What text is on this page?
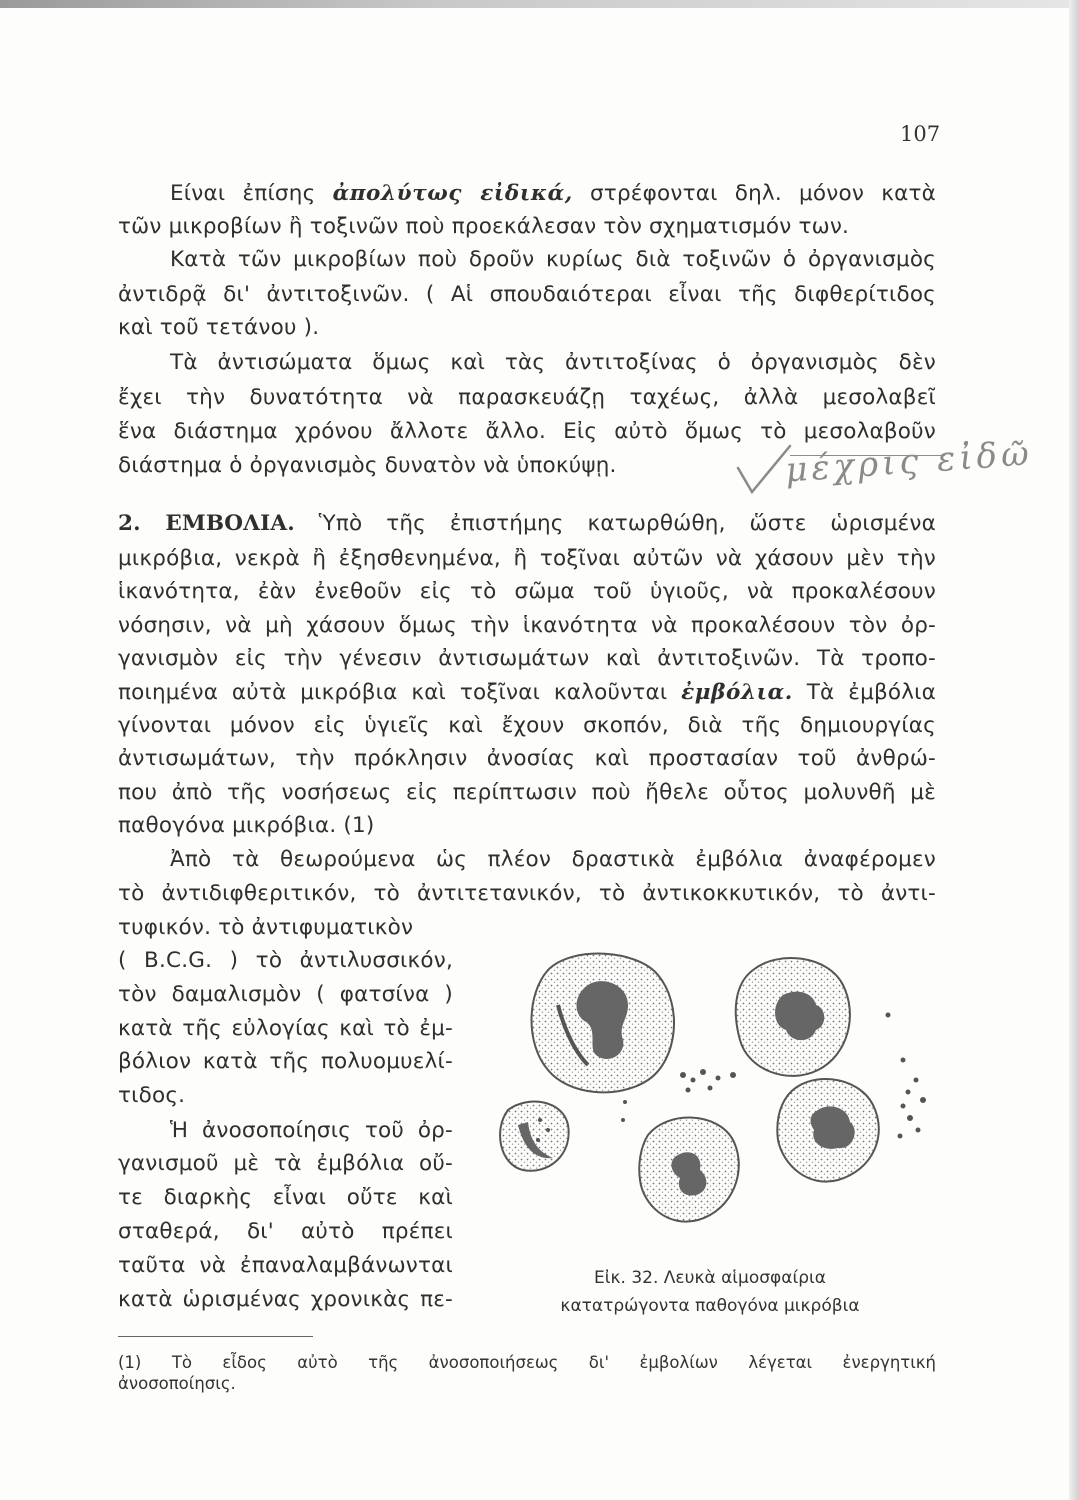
107
Είναι ἐπίσης ἀπολύτως εἰδικά, στρέφονται δηλ. μόνον κατὰ
τῶν μικροβίων ἢ τοξινῶν ποὺ προεκάλεσαν τὸν σχηματισμόν των.
Κατὰ τῶν μικροβίων ποὺ δροῦν κυρίως διὰ τοξινῶν ὁ ὀργανισμὸς
ἀντιδρᾷ δι' ἀντιτοξινῶν. ( Αἱ σπουδαιότεραι εἶναι τῆς διφθερίτιδος
καὶ τοῦ τετάνου ).
Τὰ ἀντισώματα ὅμως καὶ τὰς ἀντιτοξίνας ὁ ὀργανισμὸς δὲν
ἔχει τὴν δυνατότητα νὰ παρασκευάζῃ ταχέως, ἀλλὰ μεσολαβεῖ
ἕνα διάστημα χρόνου ἄλλοτε ἄλλο. Εἰς αὐτὸ ὅμως τὸ μεσολαβοῦν
διάστημα ὁ ὀργανισμὸς δυνατὸν νὰ ὑποκύψῃ.	μέχρις εἰδῶ
2. ΕΜΒΟΛΙΑ. Ὑπὸ τῆς ἐπιστήμης κατωρθώθη, ὥστε ὡρισμένα
μικρόβια, νεκρὰ ἢ ἐξησθενημένα, ἢ τοξῖναι αὐτῶν νὰ χάσουν μὲν τὴν
ἱκανότητα, ἐὰν ἐνεθοῦν εἰς τὸ σῶμα τοῦ ὑγιοῦς, νὰ προκαλέσουν
νόσησιν, νὰ μὴ χάσουν ὅμως τὴν ἱκανότητα νὰ προκαλέσουν τὸν ὀρ-
γανισμὸν εἰς τὴν γένεσιν ἀντισωμάτων καὶ ἀντιτοξινῶν. Τὰ τροπο-
ποιημένα αὐτὰ μικρόβια καὶ τοξῖναι καλοῦνται ἐμβόλια. Τὰ ἐμβόλια
γίνονται μόνον εἰς ὑγιεῖς καὶ ἔχουν σκοπόν, διὰ τῆς δημιουργίας
ἀντισωμάτων, τὴν πρόκλησιν ἀνοσίας καὶ προστασίαν τοῦ ἀνθρώ-
που ἀπὸ τῆς νοσήσεως εἰς περίπτωσιν ποὺ ἤθελε οὗτος μολυνθῆ μὲ
παθογόνα μικρόβια. (1)
Ἀπὸ τὰ θεωρούμενα ὡς πλέον δραστικὰ ἐμβόλια ἀναφέρομεν
τὸ ἀντιδιφθεριτικόν, τὸ ἀντιτετανικόν, τὸ ἀντικοκκυτικόν, τὸ ἀντι-
τυφικόν. τὸ ἀντιφυματικὸν
( B.C.G. ) τὸ ἀντιλυσσικόν,
τὸν δαμαλισμὸν ( φατσίνα )
κατὰ τῆς εὐλογίας καὶ τὸ ἐμ-
βόλιον κατὰ τῆς πολυομυελί-
τιδος.
Ἡ ἀνοσοποίησις τοῦ ὀρ-
γανισμοῦ μὲ τὰ ἐμβόλια οὔ-
τε διαρκὴς εἶναι οὔτε καὶ
σταθερά, δι' αὐτὸ πρέπει
ταῦτα νὰ ἐπαναλαμβάνωνται
κατὰ ὡρισμένας χρονικὰς πε-
Εἰκ. 32. Λευκὰ αἱμοσφαίρια
κατατρώγοντα παθογόνα μικρόβια
(1) Τὸ εἶδος αὐτὸ τῆς ἀνοσοποιήσεως δι' ἐμβολίων λέγεται ἐνεργητική
ἀνοσοποίησις.
